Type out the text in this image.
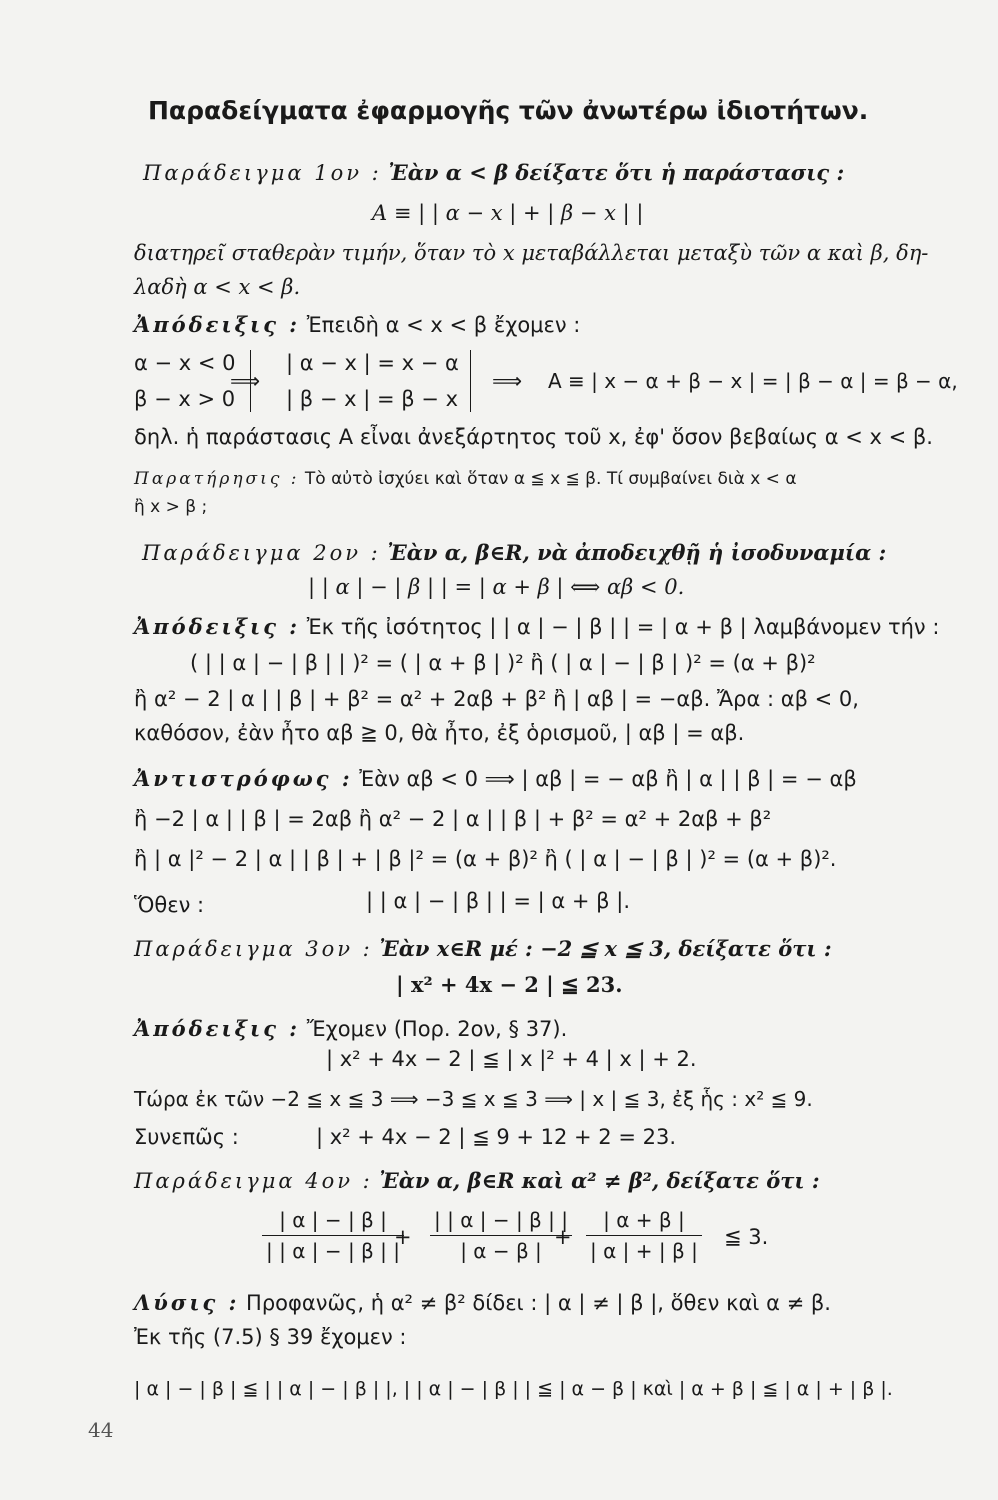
Παραδείγματα ἐφαρμογῆς τῶν ἀνωτέρω ἰδιοτήτων.
Παράδειγμα 1ον : Ἐὰν α < β δείξατε ὅτι ἡ παράστασις :
A ≡ | | α − x | + | β − x | |
διατηρεῖ σταθερὰν τιμήν, ὅταν τὸ x μεταβάλλεται μεταξὺ τῶν α καὶ β, δη-
λαδὴ α < x < β.
Ἀπόδειξις : Ἐπειδὴ α < x < β ἔχομεν :
α − x < 0
β − x > 0
⟹
| α − x | = x − α
| β − x | = β − x
⟹ A ≡ | x − α + β − x | = | β − α | = β − α,
δηλ. ἡ παράστασις A εἶναι ἀνεξάρτητος τοῦ x, ἐφ' ὅσον βεβαίως α < x < β.
Παρατήρησις : Τὸ αὐτὸ ἰσχύει καὶ ὅταν α ≦ x ≦ β. Τί συμβαίνει διὰ x < α
ἢ x > β ;
Παράδειγμα 2ον : Ἐὰν α, β∈R, νὰ ἀποδειχθῇ ἡ ἰσοδυναμία :
| | α | − | β | | = | α + β | ⟺ αβ < 0.
Ἀπόδειξις : Ἐκ τῆς ἰσότητος | | α | − | β | | = | α + β | λαμβάνομεν τήν :
( | | α | − | β | | )² = ( | α + β | )² ἢ ( | α | − | β | )² = (α + β)²
ἢ α² − 2 | α | | β | + β² = α² + 2αβ + β² ἢ | αβ | = −αβ. Ἄρα : αβ < 0,
καθόσον, ἐὰν ἦτο αβ ≧ 0, θὰ ἦτο, ἐξ ὁρισμοῦ, | αβ | = αβ.
Ἀντιστρόφως : Ἐὰν αβ < 0 ⟹ | αβ | = − αβ ἢ | α | | β | = − αβ
ἢ −2 | α | | β | = 2αβ ἢ α² − 2 | α | | β | + β² = α² + 2αβ + β²
ἢ | α |² − 2 | α | | β | + | β |² = (α + β)² ἢ ( | α | − | β | )² = (α + β)².
Ὅθεν :	| | α | − | β | | = | α + β |.
Παράδειγμα 3ον : Ἐὰν x∈R μέ : −2 ≦ x ≦ 3, δείξατε ὅτι :
| x² + 4x − 2 | ≦ 23.
Ἀπόδειξις : Ἔχομεν (Πορ. 2ον, § 37).
| x² + 4x − 2 | ≦ | x |² + 4 | x | + 2.
Τώρα ἐκ τῶν −2 ≦ x ≦ 3 ⟹ −3 ≦ x ≦ 3 ⟹ | x | ≦ 3, ἐξ ἧς : x² ≦ 9.
Συνεπῶς :	| x² + 4x − 2 | ≦ 9 + 12 + 2 = 23.
Παράδειγμα 4ον : Ἐὰν α, β∈R καὶ α² ≠ β², δείξατε ὅτι :
$\frac{| \alpha | - | \beta |}{| | \alpha | - | \beta | |}$
+ $\frac{| | \alpha | - | \beta | |}{| \alpha - \beta |}$
+ $\frac{| \alpha + \beta |}{| \alpha | + | \beta |}$ ≦ 3.
Λύσις : Προφανῶς, ἡ α² ≠ β² δίδει : | α | ≠ | β |, ὅθεν καὶ α ≠ β.
Ἐκ τῆς (7.5) § 39 ἔχομεν :
| α | − | β | ≦ | | α | − | β | |, | | α | − | β | | ≦ | α − β | καὶ | α + β | ≦ | α | + | β |.
44
